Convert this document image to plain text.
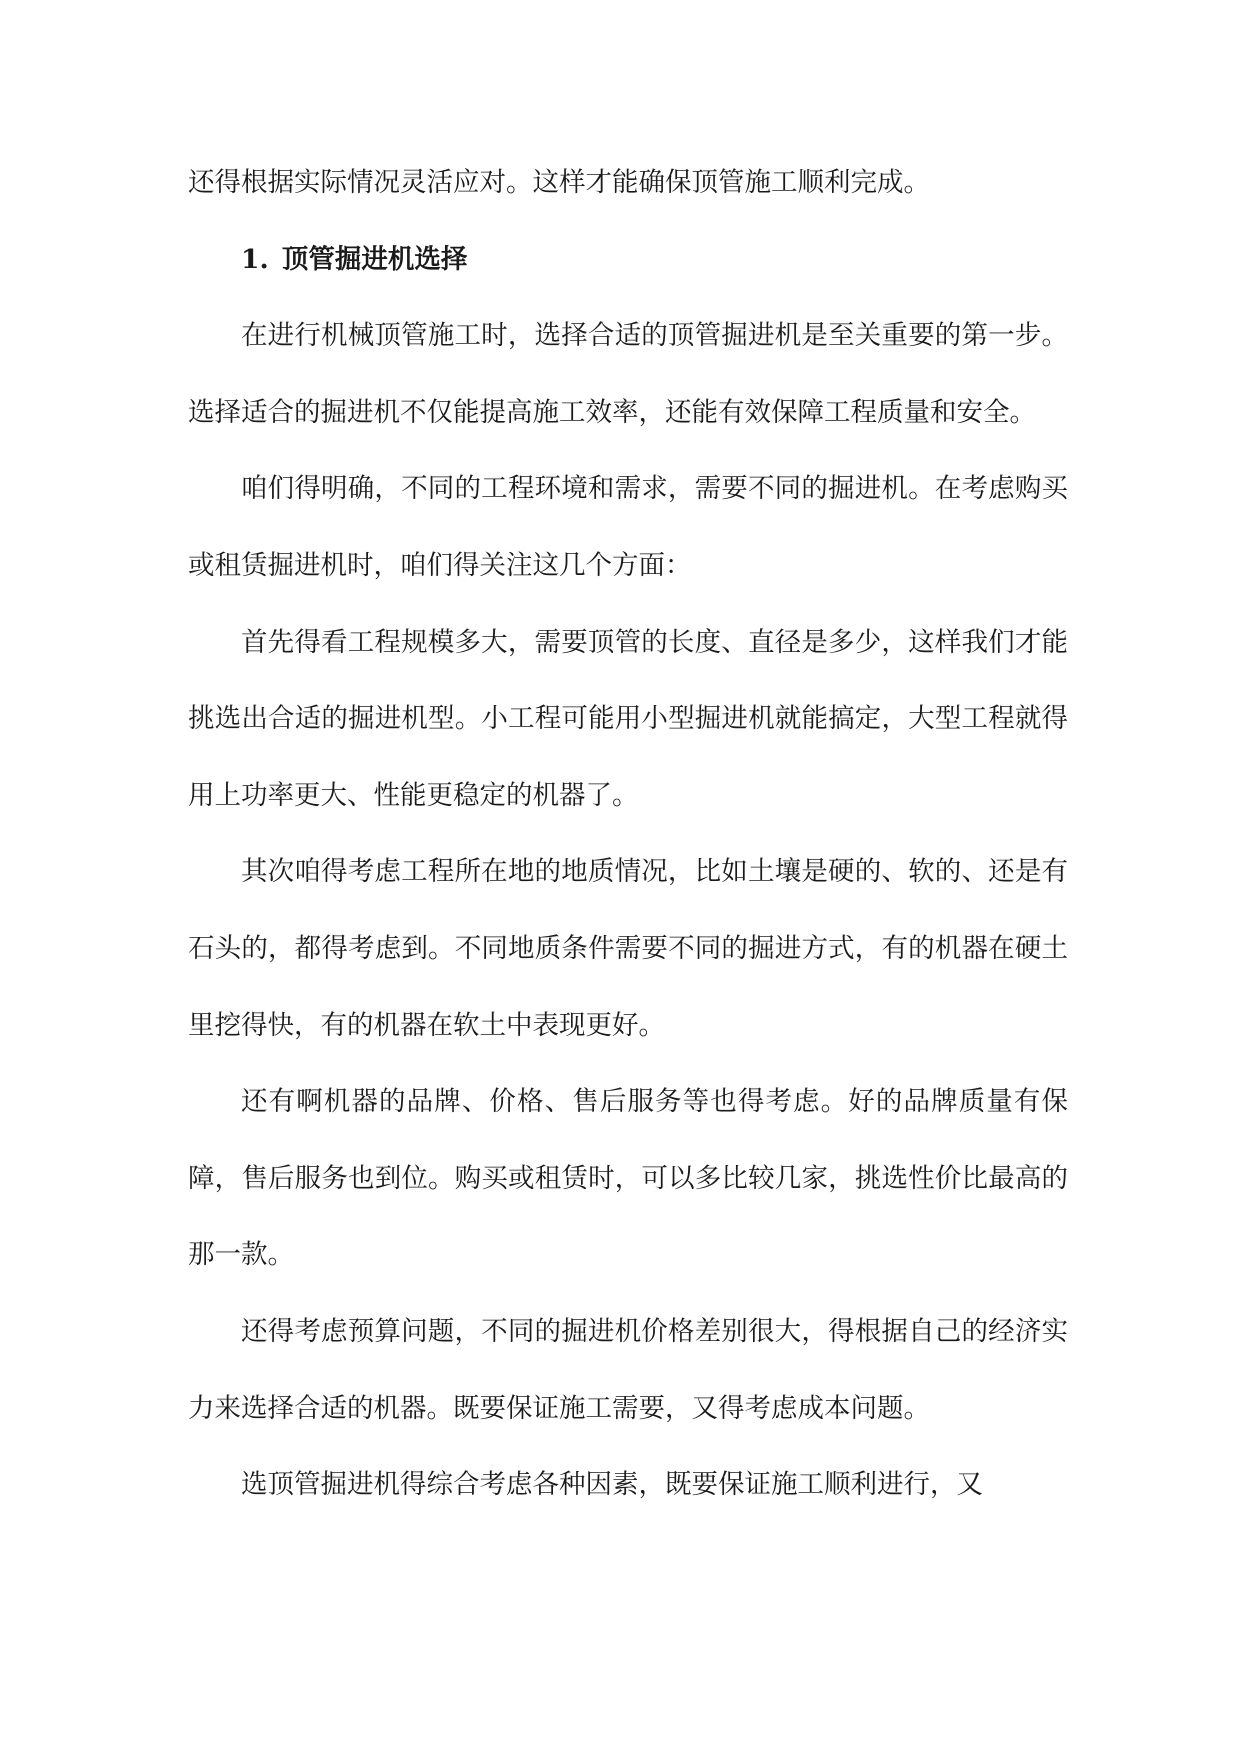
还得根据实际情况灵活应对。这样才能确保顶管施工顺利完成。

1. 顶管掘进机选择

在进行机械顶管施工时，选择合适的顶管掘进机是至关重要的第一步。选择适合的掘进机不仅能提高施工效率，还能有效保障工程质量和安全。

咱们得明确，不同的工程环境和需求，需要不同的掘进机。在考虑购买或租赁掘进机时，咱们得关注这几个方面：

首先得看工程规模多大，需要顶管的长度、直径是多少，这样我们才能挑选出合适的掘进机型。小工程可能用小型掘进机就能搞定，大型工程就得用上功率更大、性能更稳定的机器了。

其次咱得考虑工程所在地的地质情况，比如土壤是硬的、软的、还是有石头的，都得考虑到。不同地质条件需要不同的掘进方式，有的机器在硬土里挖得快，有的机器在软土中表现更好。

还有啊机器的品牌、价格、售后服务等也得考虑。好的品牌质量有保障，售后服务也到位。购买或租赁时，可以多比较几家，挑选性价比最高的那一款。

还得考虑预算问题，不同的掘进机价格差别很大，得根据自己的经济实力来选择合适的机器。既要保证施工需要，又得考虑成本问题。

选顶管掘进机得综合考虑各种因素，既要保证施工顺利进行，又
